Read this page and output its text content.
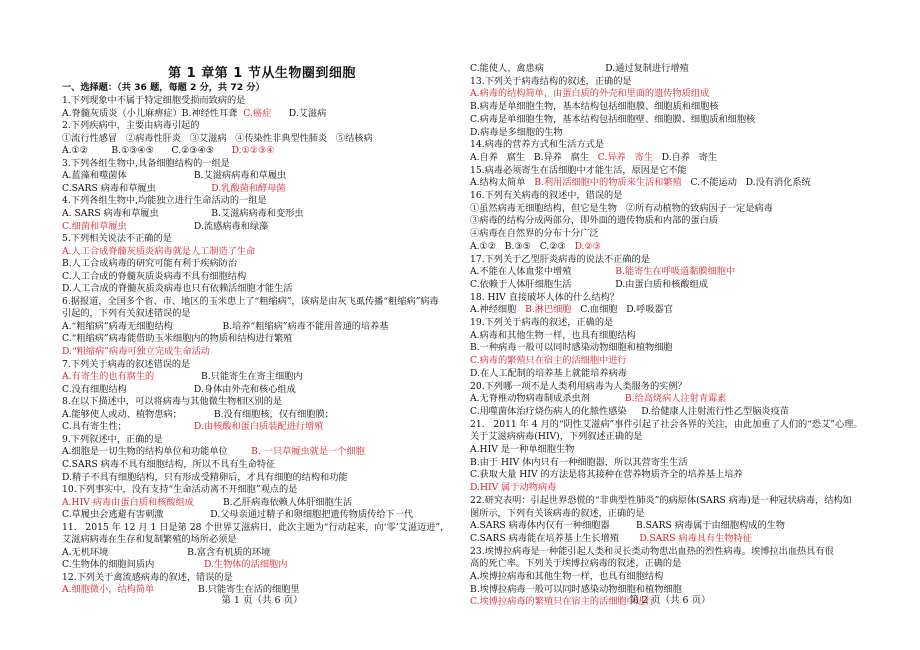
第 1 章第 1 节从生物圈到细胞
一、选择题：（共 36 题，每题 2 分，共 72 分）
1.下列现象中不属于特定细胞受损而致病的是
A.脊髓灰质炎（小儿麻痹症）B.神经性耳聋  C.癌症      D.艾滋病
2.下列疾病中，主要由病毒引起的
①流行性感冒   ②病毒性肝炎   ③艾滋病   ④传染性非典型性肺炎   ⑤结核病
A.①②        B.①③④⑤      C.②③④⑤      D.①②③④
3.下列各组生物中,具备细胞结构的一组是
A.蓝藻和噬菌体                       B.艾滋病病毒和草履虫
C.SARS 病毒和草履虫                   D.乳酸菌和酵母菌
4.下列各组生物中,均能独立进行生命活动的一组是
A. SARS 病毒和草履虫                  B.艾滋病病毒和变形虫
C.细菌和草履虫                       D.流感病毒和绿藻
5.下列相关说法不正确的是
A.人工合成脊髓灰质炎病毒就是人工制造了生命
B.人工合成病毒的研究可能有利于疾病防治
C.人工合成的脊髓灰质炎病毒不具有细胞结构
D.人工合成的脊髓灰质炎病毒也只有依赖活细胞才能生活
6.据报道，全国多个省、市、地区的玉米患上了“粗缩病”，该病是由灰飞虱传播“粗缩病”病毒
引起的，下列有关叙述错误的是
A.“粗缩病”病毒无细胞结构                 B.培养“粗缩病”病毒不能用普通的培养基
C.“粗缩病”病毒能借助玉米细胞内的物质和结构进行繁殖
D.“粗缩病”病毒可独立完成生命活动
7.下列关于病毒的叙述错误的是
A.有寄生的也有腐生的                B.只能寄生在寄主细胞内
C.没有细胞结构                       D.身体由外壳和核心组成
8.在以下描述中，可以将病毒与其他微生物相区别的是
A.能够使人或动、植物患病；           B.没有细胞核，仅有细胞膜；
C.具有寄生性；                       D.由核酸和蛋白质装配进行增殖
9.下列叙述中，正确的是
A.细胞是一切生物的结构单位和功能单位        B. 一只草履虫就是一个细胞
C.SARS 病毒不具有细胞结构，所以不具有生命特征
D.精子不具有细胞结构，只有形成受精卵后，才具有细胞的结构和功能
10.下列事实中，没有支持“生命活动离不开细胞”观点的是
A.HIV 病毒由蛋白质和核酸组成          B.乙肝病毒依赖人体肝细胞生活
C.草履虫会逃避有害刺激                D.父母亲通过精子和卵细胞把遗传物质传给下一代
11.   2015 年 12 月 1 日是第 28 个世界艾滋病日，此次主题为“行动起来，向‘零’艾滋迈进”，
艾滋病病毒在生存和复制繁殖的场所必须是
A.无机环境                           B.富含有机质的环境
C.生物体的细胞间质内                 D.生物体的活细胞内
12.下列关于禽流感病毒的叙述，错误的是
A.细胞微小，结构简单               B.只能寄生在活的细胞里
第 1 页（共 6 页）
C.能使人、禽患病                     D.通过复制进行增殖
13.下列关于病毒结构的叙述，正确的是
A.病毒的结构简单，由蛋白质的外壳和里面的遗传物质组成
B.病毒是单细胞生物，基本结构包括细胞膜、细胞质和细胞核
C.病毒是单细胞生物，基本结构包括细胞壁、细胞膜、细胞质和细胞核
D.病毒是多细胞的生物
14.病毒的营养方式和生活方式是
A.自养   腐生   B.异养   腐生   C.异养   寄生   D.自养   寄生
15.病毒必须寄生在活细胞中才能生活，原因是它不能
A.结构太简单   B.利用活细胞中的物质来生活和繁殖   C.不能运动   D.没有消化系统
16.下列有关病毒的叙述中，错误的是
①虽然病毒无细胞结构，但它是生物   ②所有动植物的致病因子一定是病毒
③病毒的结构分成两部分，即外面的遗传物质和内部的蛋白质
④病毒在自然界的分布十分广泛
A.①②   B.③⑤   C.②③   D.②③
17.下列关于乙型肝炎病毒的说法不正确的是
A.不能在人体血浆中增殖               B.能寄生在呼吸道黏膜细胞中
C.依赖于人体肝细胞生活               D.由蛋白质和核酸组成
18. HIV 直接破坏人体的什么结构？
A.神经细胞   B.淋巴细胞   C.血细胞   D.呼吸器官
19.下列关于病毒的叙述，正确的是
A.病毒和其他生物一样，也具有细胞结构
B.一种病毒一般可以同时感染动物细胞和植物细胞
C.病毒的繁殖只在宿主的活细胞中进行
D.在人工配制的培养基上就能培养病毒
20.下列哪一项不是人类利用病毒为人类服务的实例？
A.无脊椎动物病毒制成杀虫剂            B.给高烧病人注射青霉素
C.用噬菌体治疗烧伤病人的化脓性感染     D.给健康人注射流行性乙型脑炎疫苗
21.   2011 年 4 月的“阴性艾滋病”事件引起了社会各界的关注，由此加重了人们的“恐艾”心理。
关于艾滋病病毒(HIV)，下列叙述正确的是
A.HIV 是一种单细胞生物
B.由于 HIV 体内只有一种细胞器，所以其营寄生生活
C.获取大量 HIV 的方法是将其接种在营养物质齐全的培养基上培养
D.HIV 属于动物病毒
22.研究表明：引起世界恐慌的“非典型性肺炎”的病原体(SARS 病毒)是一种冠状病毒，结构如
图所示，下列有关该病毒的叙述，正确的是
A.SARS 病毒体内仅有一种细胞器         B.SARS 病毒属于由细胞构成的生物
C.SARS 病毒能在培养基上生长增殖       D.SARS 病毒具有生物特征
23.埃博拉病毒是一种能引起人类和灵长类动物患出血热的烈性病毒。埃博拉出血热具有很
高的死亡率。下列关于埃博拉病毒的叙述，正确的是
A.埃博拉病毒和其他生物一样，也具有细胞结构
B.埃博拉病毒一般可以同时感染动物细胞和植物细胞
C.埃博拉病毒的繁殖只在宿主的活细胞中进行
第 2 页（共 6 页）
